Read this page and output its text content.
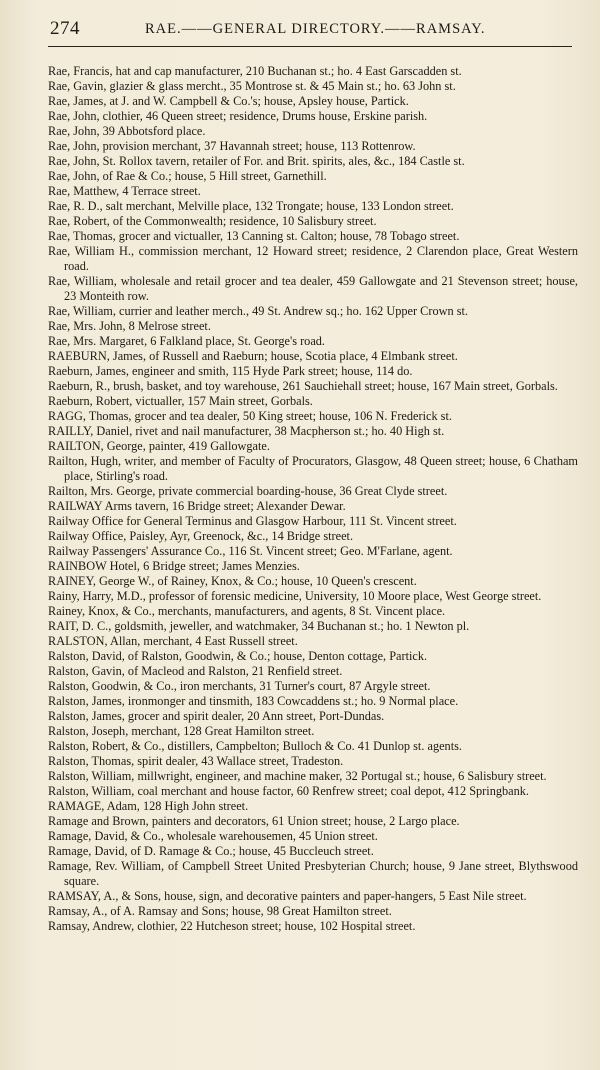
274	RAE.——GENERAL DIRECTORY.——RAMSAY.
Rae, Francis, hat and cap manufacturer, 210 Buchanan st.; ho. 4 East Garscadden st.
Rae, Gavin, glazier & glass mercht., 35 Montrose st. & 45 Main st.; ho. 63 John st.
Rae, James, at J. and W. Campbell & Co.'s; house, Apsley house, Partick.
Rae, John, clothier, 46 Queen street; residence, Drums house, Erskine parish.
Rae, John, 39 Abbotsford place.
Rae, John, provision merchant, 37 Havannah street; house, 113 Rottenrow.
Rae, John, St. Rollox tavern, retailer of For. and Brit. spirits, ales, &c., 184 Castle st.
Rae, John, of Rae & Co.; house, 5 Hill street, Garnethill.
Rae, Matthew, 4 Terrace street.
Rae, R. D., salt merchant, Melville place, 132 Trongate; house, 133 London street.
Rae, Robert, of the Commonwealth; residence, 10 Salisbury street.
Rae, Thomas, grocer and victualler, 13 Canning st. Calton; house, 78 Tobago street.
Rae, William H., commission merchant, 12 Howard street; residence, 2 Clarendon place, Great Western road.
Rae, William, wholesale and retail grocer and tea dealer, 459 Gallowgate and 21 Stevenson street; house, 23 Monteith row.
Rae, William, currier and leather merch., 49 St. Andrew sq.; ho. 162 Upper Crown st.
Rae, Mrs. John, 8 Melrose street.
Rae, Mrs. Margaret, 6 Falkland place, St. George's road.
RAEBURN, James, of Russell and Raeburn; house, Scotia place, 4 Elmbank street.
Raeburn, James, engineer and smith, 115 Hyde Park street; house, 114 do.
Raeburn, R., brush, basket, and toy warehouse, 261 Sauchiehall street; house, 167 Main street, Gorbals.
Raeburn, Robert, victualler, 157 Main street, Gorbals.
RAGG, Thomas, grocer and tea dealer, 50 King street; house, 106 N. Frederick st.
RAILLY, Daniel, rivet and nail manufacturer, 38 Macpherson st.; ho. 40 High st.
RAILTON, George, painter, 419 Gallowgate.
Railton, Hugh, writer, and member of Faculty of Procurators, Glasgow, 48 Queen street; house, 6 Chatham place, Stirling's road.
Railton, Mrs. George, private commercial boarding-house, 36 Great Clyde street.
RAILWAY Arms tavern, 16 Bridge street; Alexander Dewar.
Railway Office for General Terminus and Glasgow Harbour, 111 St. Vincent street.
Railway Office, Paisley, Ayr, Greenock, &c., 14 Bridge street.
Railway Passengers' Assurance Co., 116 St. Vincent street; Geo. M'Farlane, agent.
RAINBOW Hotel, 6 Bridge street; James Menzies.
RAINEY, George W., of Rainey, Knox, & Co.; house, 10 Queen's crescent.
Rainy, Harry, M.D., professor of forensic medicine, University, 10 Moore place, West George street.
Rainey, Knox, & Co., merchants, manufacturers, and agents, 8 St. Vincent place.
RAIT, D. C., goldsmith, jeweller, and watchmaker, 34 Buchanan st.; ho. 1 Newton pl.
RALSTON, Allan, merchant, 4 East Russell street.
Ralston, David, of Ralston, Goodwin, & Co.; house, Denton cottage, Partick.
Ralston, Gavin, of Macleod and Ralston, 21 Renfield street.
Ralston, Goodwin, & Co., iron merchants, 31 Turner's court, 87 Argyle street.
Ralston, James, ironmonger and tinsmith, 183 Cowcaddens st.; ho. 9 Normal place.
Ralston, James, grocer and spirit dealer, 20 Ann street, Port-Dundas.
Ralston, Joseph, merchant, 128 Great Hamilton street.
Ralston, Robert, & Co., distillers, Campbelton; Bulloch & Co. 41 Dunlop st. agents.
Ralston, Thomas, spirit dealer, 43 Wallace street, Tradeston.
Ralston, William, millwright, engineer, and machine maker, 32 Portugal st.; house, 6 Salisbury street.
Ralston, William, coal merchant and house factor, 60 Renfrew street; coal depot, 412 Springbank.
RAMAGE, Adam, 128 High John street.
Ramage and Brown, painters and decorators, 61 Union street; house, 2 Largo place.
Ramage, David, & Co., wholesale warehousemen, 45 Union street.
Ramage, David, of D. Ramage & Co.; house, 45 Buccleuch street.
Ramage, Rev. William, of Campbell Street United Presbyterian Church; house, 9 Jane street, Blythswood square.
RAMSAY, A., & Sons, house, sign, and decorative painters and paper-hangers, 5 East Nile street.
Ramsay, A., of A. Ramsay and Sons; house, 98 Great Hamilton street.
Ramsay, Andrew, clothier, 22 Hutcheson street; house, 102 Hospital street.
